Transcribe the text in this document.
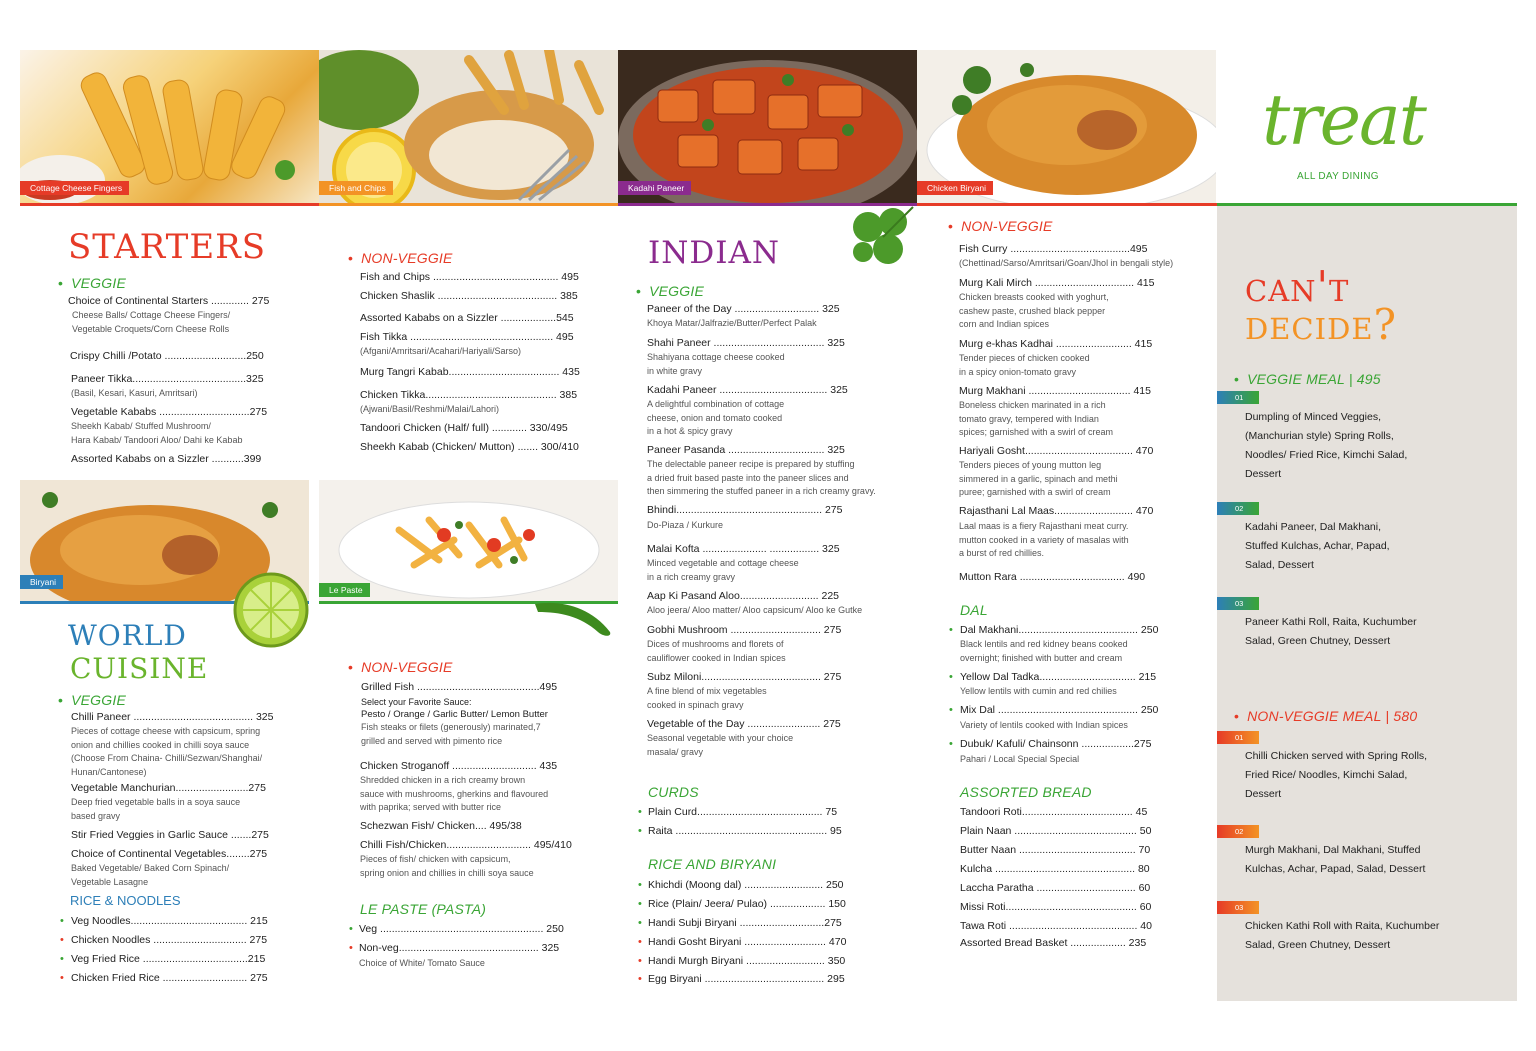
Cottage Cheese Fingers	Fish and Chips	Kadahi Paneer	Chicken Biryani
treat
ALL DAY DINING
starters
• VEGGIE
Choice of Continental Starters ............. 275
Cheese Balls/ Cottage Cheese Fingers/
Vegetable Croquets/Corn Cheese Rolls
Crispy Chilli /Potato ............................250
Paneer Tikka.......................................325
(Basil, Kesari, Kasuri, Amritsari)
Vegetable Kababs ...............................275
Sheekh Kabab/ Stuffed Mushroom/
Hara Kabab/ Tandoori Aloo/ Dahi ke Kabab
Assorted Kababs on a Sizzler ...........399
• NON-VEGGIE
Fish and Chips ........................................... 495
Chicken Shaslik ......................................... 385
Assorted Kababs on a Sizzler ...................545
Fish Tikka ................................................. 495
(Afgani/Amritsari/Acahari/Hariyali/Sarso)
Murg Tangri Kabab...................................... 435
Chicken Tikka............................................. 385
(Ajwani/Basil/Reshmi/Malai/Lahori)
Tandoori Chicken (Half/ full) ............ 330/495
Sheekh Kabab (Chicken/ Mutton) ....... 300/410
Biryani
Le Paste
world
cuisine
• VEGGIE
Chilli Paneer ......................................... 325
Pieces of cottage cheese with capsicum, spring
onion and chillies cooked in chilli soya sauce
(Choose From Chaina- Chilli/Sezwan/Shanghai/
Hunan/Cantonese)
Vegetable Manchurian.........................275
Deep fried vegetable balls in a soya sauce
based gravy
Stir Fried Veggies in Garlic Sauce .......275
Choice of Continental Vegetables........275
Baked Vegetable/ Baked Corn Spinach/
Vegetable Lasagne
RICE & NOODLES
• Veg Noodles........................................ 215
• Chicken Noodles ................................ 275
• Veg Fried Rice ....................................215
• Chicken Fried Rice ............................. 275
• NON-VEGGIE
Grilled Fish ..........................................495
Select your Favorite Sauce:
Pesto / Orange / Garlic Butter/ Lemon Butter
Fish steaks or filets (generously) marinated,7
grilled and served with pimento rice
Chicken Stroganoff ............................. 435
Shredded chicken in a rich creamy brown
sauce with mushrooms, gherkins and flavoured
with paprika; served with butter rice
Schezwan Fish/ Chicken.... 495/38
Chilli Fish/Chicken............................. 495/410
Pieces of fish/ chicken with capsicum,
spring onion and chillies in chilli soya sauce
LE PASTE (PASTA)
• Veg ........................................................ 250
• Non-veg................................................ 325
Choice of White/ Tomato Sauce
indian
• VEGGIE
Paneer of the Day ............................. 325
Khoya Matar/Jalfrazie/Butter/Perfect Palak
Shahi Paneer ...................................... 325
Shahiyana cottage cheese cooked
in white gravy
Kadahi Paneer ..................................... 325
A delightful combination of cottage
cheese, onion and tomato cooked
in a hot & spicy gravy
Paneer Pasanda ................................. 325
The delectable paneer recipe is prepared by stuffing
a dried fruit based paste into the paneer slices and
then simmering the stuffed paneer in a rich creamy gravy.
Bhindi.................................................. 275
Do-Piaza / Kurkure
Malai Kofta ...................... ................. 325
Minced vegetable and cottage cheese
in a rich creamy gravy
Aap Ki Pasand Aloo........................... 225
Aloo jeera/ Aloo matter/ Aloo capsicum/ Aloo ke Gutke
Gobhi Mushroom ............................... 275
Dices of mushrooms and florets of
cauliflower cooked in Indian spices
Subz Miloni......................................... 275
A fine blend of mix vegetables
cooked in spinach gravy
Vegetable of the Day ......................... 275
Seasonal vegetable with your choice
masala/ gravy
CURDS
• Plain Curd........................................... 75
• Raita .................................................... 95
RICE AND BIRYANI
• Khichdi (Moong dal) ........................... 250
• Rice (Plain/ Jeera/ Pulao) ................... 150
• Handi Subji Biryani .............................275
• Handi Gosht Biryani ............................ 470
• Handi Murgh Biryani ........................... 350
• Egg Biryani ......................................... 295
• NON-VEGGIE
Fish Curry .........................................495
(Chettinad/Sarso/Amritsari/Goan/Jhol in bengali style)
Murg Kali Mirch .................................. 415
Chicken breasts cooked with yoghurt,
cashew paste, crushed black pepper
corn and Indian spices
Murg e-khas Kadhai .......................... 415
Tender pieces of chicken cooked
in a spicy onion-tomato gravy
Murg Makhani ................................... 415
Boneless chicken marinated in a rich
tomato gravy, tempered with Indian
spices; garnished with a swirl of cream
Hariyali Gosht..................................... 470
Tenders pieces of young mutton leg
simmered in a garlic, spinach and methi
puree; garnished with a swirl of cream
Rajasthani Lal Maas........................... 470
Laal maas is a fiery Rajasthani meat curry.
mutton cooked in a variety of masalas with
a burst of red chillies.
Mutton Rara .................................... 490
DAL
• Dal Makhani......................................... 250
Black lentils and red kidney beans cooked
overnight; finished with butter and cream
• Yellow Dal Tadka................................. 215
Yellow lentils with cumin and red chilies
• Mix Dal ................................................ 250
Variety of lentils cooked with Indian spices
• Dubuk/ Kafuli/ Chainsonn ..................275
Pahari / Local Special Special
ASSORTED BREAD
Tandoori Roti...................................... 45
Plain Naan .......................................... 50
Butter Naan ........................................ 70
Kulcha ................................................ 80
Laccha Paratha .................................. 60
Missi Roti............................................. 60
Tawa Roti ............................................ 40
Assorted Bread Basket ................... 235
can't
decide?
• VEGGIE MEAL | 495
01
Dumpling of Minced Veggies,
(Manchurian style) Spring Rolls,
Noodles/ Fried Rice, Kimchi Salad,
Dessert
02
Kadahi Paneer, Dal Makhani,
Stuffed Kulchas, Achar, Papad,
Salad, Dessert
03
Paneer Kathi Roll, Raita, Kuchumber
Salad, Green Chutney, Dessert
• NON-VEGGIE MEAL | 580
01
Chilli Chicken served with Spring Rolls,
Fried Rice/ Noodles, Kimchi Salad,
Dessert
02
Murgh Makhani, Dal Makhani, Stuffed
Kulchas, Achar, Papad, Salad, Dessert
03
Chicken Kathi Roll with Raita, Kuchumber
Salad, Green Chutney, Dessert
